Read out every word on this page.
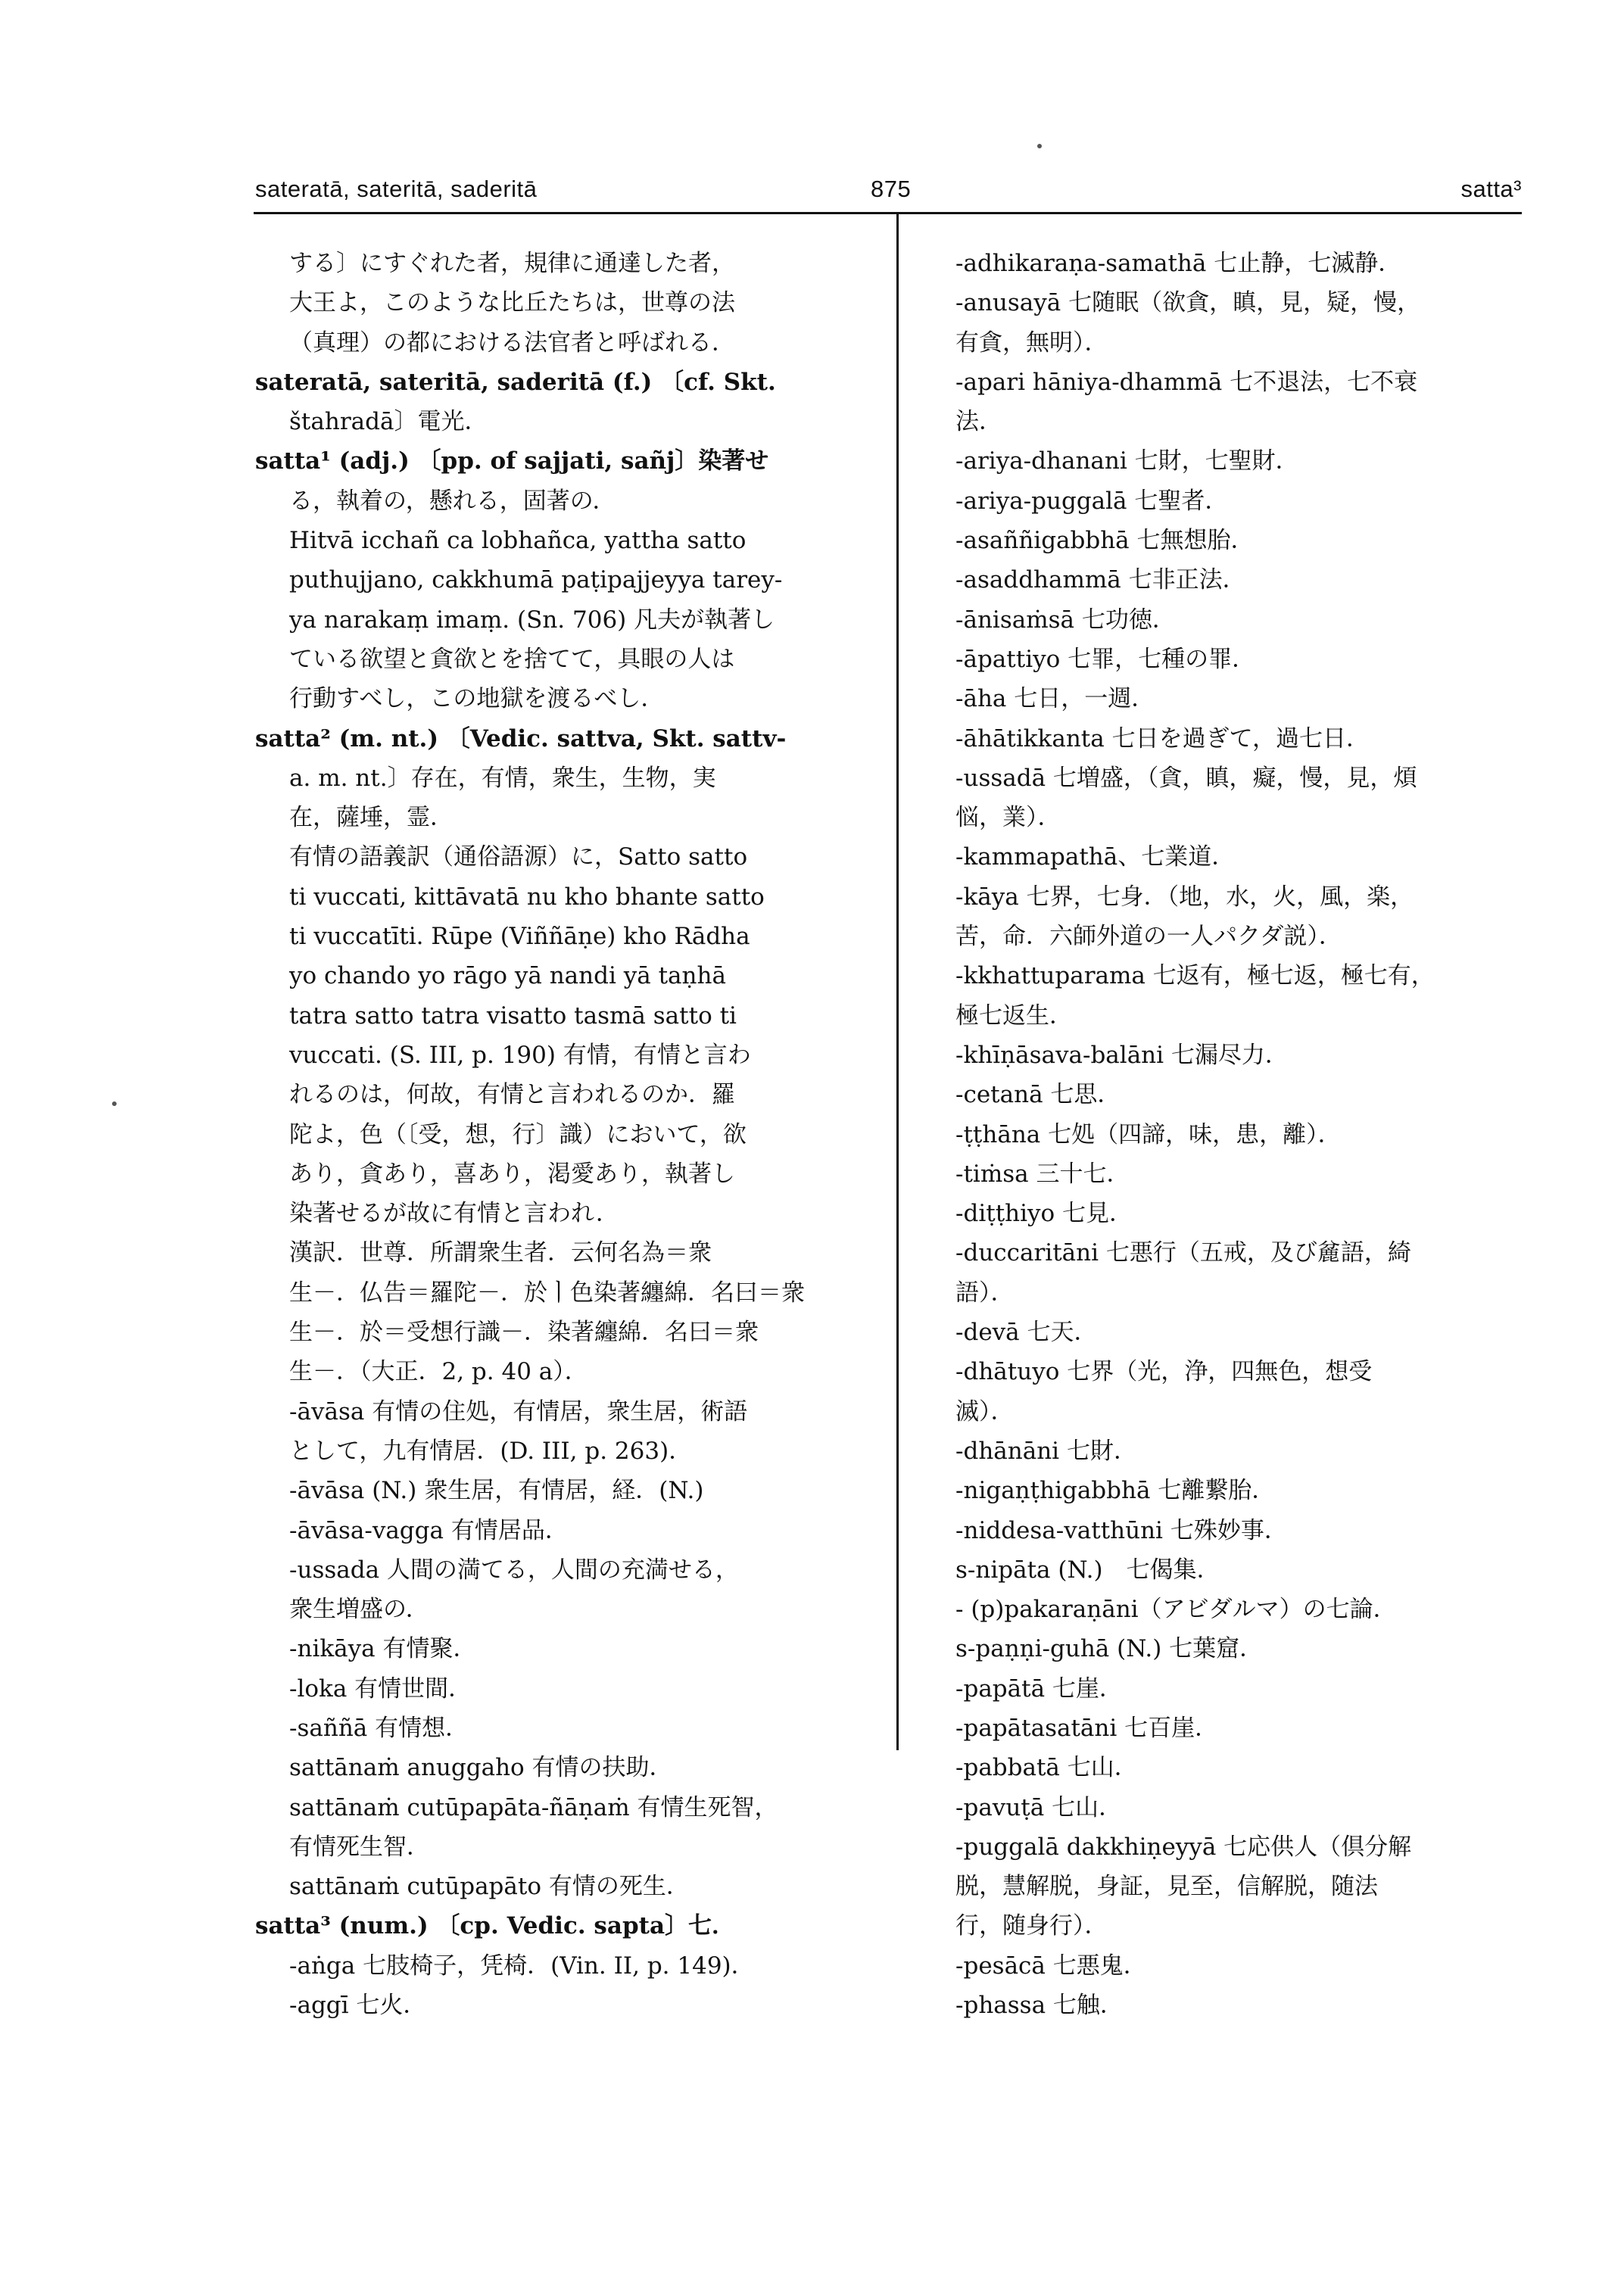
sateratā, sateritā, saderitā	875	satta³
する〕にすぐれた者，規律に通達した者，
大王よ，このような比丘たちは，世尊の法
（真理）の都における法官者と呼ばれる．
sateratā, sateritā, saderitā (f.) 〔cf. Skt.
štahradā〕電光．
satta¹ (adj.) 〔pp. of sajjati, sañj〕染著せ
る，執着の，懸れる，固著の．
Hitvā icchañ ca lobhañca, yattha satto
puthujjano, cakkhumā paṭipajjeyya tarey-
ya narakaṃ imaṃ. (Sn. 706) 凡夫が執著し
ている欲望と貪欲とを捨てて，具眼の人は
行動すべし，この地獄を渡るべし．
satta² (m. nt.) 〔Vedic. sattva, Skt. sattv-
a. m. nt.〕存在，有情，衆生，生物，実
在，薩埵，霊．
有情の語義訳（通俗語源）に，Satto satto
ti vuccati, kittāvatā nu kho bhante satto
ti vuccatīti. Rūpe (Viññāṇe) kho Rādha
yo chando yo rāgo yā nandi yā taṇhā
tatra satto tatra visatto tasmā satto ti
vuccati. (S. III, p. 190) 有情，有情と言わ
れるのは，何故，有情と言われるのか．羅
陀よ，色（〔受，想，行〕識）において，欲
あり，貪あり，喜あり，渇愛あり，執著し
染著せるが故に有情と言われ．
漢訳．世尊．所謂衆生者．云何名為＝衆
生－．仏告＝羅陀－．於ㅣ色染著纏綿．名曰＝衆
生－．於＝受想行識－．染著纏綿．名曰＝衆
生－．（大正．2, p. 40 a）．
-āvāsa 有情の住処，有情居，衆生居，術語
として，九有情居．(D. III, p. 263)．
-āvāsa (N.) 衆生居，有情居，経．(N.)
-āvāsa-vagga 有情居品．
-ussada 人間の満てる，人間の充満せる，
衆生増盛の．
-nikāya 有情聚．
-loka 有情世間．
-saññā 有情想．
sattānaṁ anuggaho 有情の扶助．
sattānaṁ cutūpapāta-ñāṇaṁ 有情生死智，
有情死生智．
sattānaṁ cutūpapāto 有情の死生．
satta³ (num.) 〔cp. Vedic. sapta〕七．
-aṅga 七肢椅子，凭椅．(Vin. II, p. 149)．
-aggī 七火．
-adhikaraṇa-samathā 七止静，七滅静．
-anusayā 七随眠（欲貪，瞋，見，疑，慢，
有貪，無明）．
-apari hāniya-dhammā 七不退法，七不衰
法．
-ariya-dhanani 七財，七聖財．
-ariya-puggalā 七聖者．
-asaññigabbhā 七無想胎．
-asaddhammā 七非正法．
-ānisaṁsā 七功徳．
-āpattiyo 七罪，七種の罪．
-āha 七日，一週．
-āhātikkanta 七日を過ぎて，過七日．
-ussadā 七増盛，（貪，瞋，癡，慢，見，煩
悩，業）．
-kammapathā、七業道．
-kāya 七界，七身．（地，水，火，風，楽，
苦，命．六師外道の一人パクダ説）．
-kkhattuparama 七返有，極七返，極七有，
極七返生．
-khīṇāsava-balāni 七漏尽力．
-cetanā 七思．
-ṭṭhāna 七処（四諦，味，患，離）．
-tiṁsa 三十七．
-diṭṭhiyo 七見．
-duccaritāni 七悪行（五戒，及び麄語，綺
語）．
-devā 七天．
-dhātuyo 七界（光，浄，四無色，想受
滅）．
-dhānāni 七財．
-nigaṇṭhigabbhā 七離繋胎．
-niddesa-vatthūni 七殊妙事．
s-nipāta (N.)　七偈集．
- (p)pakaraṇāni（アビダルマ）の七論．
s-paṇṇi-guhā (N.) 七葉窟．
-papātā 七崖．
-papātasatāni 七百崖．
-pabbatā 七山．
-pavuṭā 七山．
-puggalā dakkhiṇeyyā 七応供人（倶分解
脱，慧解脱，身証，見至，信解脱，随法
行，随身行）．
-pesācā 七悪鬼．
-phassa 七触．
